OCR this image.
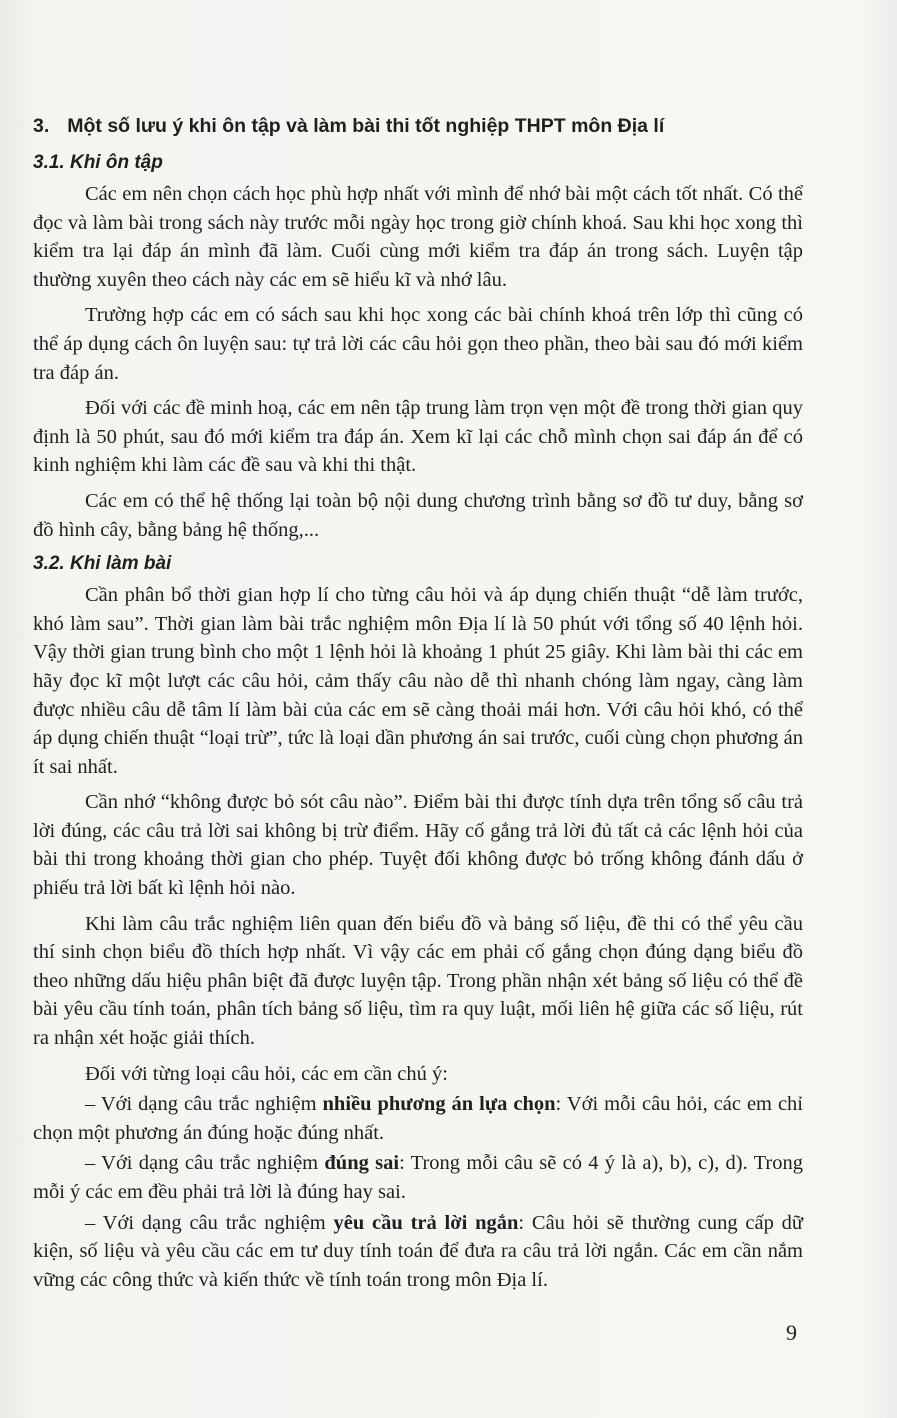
3. Một số lưu ý khi ôn tập và làm bài thi tốt nghiệp THPT môn Địa lí
3.1. Khi ôn tập

Các em nên chọn cách học phù hợp nhất với mình để nhớ bài một cách tốt nhất. Có thể đọc và làm bài trong sách này trước mỗi ngày học trong giờ chính khoá. Sau khi học xong thì kiểm tra lại đáp án mình đã làm. Cuối cùng mới kiểm tra đáp án trong sách. Luyện tập thường xuyên theo cách này các em sẽ hiểu kĩ và nhớ lâu.

Trường hợp các em có sách sau khi học xong các bài chính khoá trên lớp thì cũng có thể áp dụng cách ôn luyện sau: tự trả lời các câu hỏi gọn theo phần, theo bài sau đó mới kiểm tra đáp án.

Đối với các đề minh hoạ, các em nên tập trung làm trọn vẹn một đề trong thời gian quy định là 50 phút, sau đó mới kiểm tra đáp án. Xem kĩ lại các chỗ mình chọn sai đáp án để có kinh nghiệm khi làm các đề sau và khi thi thật.

Các em có thể hệ thống lại toàn bộ nội dung chương trình bằng sơ đồ tư duy, bằng sơ đồ hình cây, bằng bảng hệ thống,...

3.2. Khi làm bài

Cần phân bổ thời gian hợp lí cho từng câu hỏi và áp dụng chiến thuật “dễ làm trước, khó làm sau”. Thời gian làm bài trắc nghiệm môn Địa lí là 50 phút với tổng số 40 lệnh hỏi. Vậy thời gian trung bình cho một 1 lệnh hỏi là khoảng 1 phút 25 giây. Khi làm bài thi các em hãy đọc kĩ một lượt các câu hỏi, cảm thấy câu nào dễ thì nhanh chóng làm ngay, càng làm được nhiều câu dễ tâm lí làm bài của các em sẽ càng thoải mái hơn. Với câu hỏi khó, có thể áp dụng chiến thuật “loại trừ”, tức là loại dần phương án sai trước, cuối cùng chọn phương án ít sai nhất.

Cần nhớ “không được bỏ sót câu nào”. Điểm bài thi được tính dựa trên tổng số câu trả lời đúng, các câu trả lời sai không bị trừ điểm. Hãy cố gắng trả lời đủ tất cả các lệnh hỏi của bài thi trong khoảng thời gian cho phép. Tuyệt đối không được bỏ trống không đánh dấu ở phiếu trả lời bất kì lệnh hỏi nào.

Khi làm câu trắc nghiệm liên quan đến biểu đồ và bảng số liệu, đề thi có thể yêu cầu thí sinh chọn biểu đồ thích hợp nhất. Vì vậy các em phải cố gắng chọn đúng dạng biểu đồ theo những dấu hiệu phân biệt đã được luyện tập. Trong phần nhận xét bảng số liệu có thể đề bài yêu cầu tính toán, phân tích bảng số liệu, tìm ra quy luật, mối liên hệ giữa các số liệu, rút ra nhận xét hoặc giải thích.

Đối với từng loại câu hỏi, các em cần chú ý:

– Với dạng câu trắc nghiệm nhiều phương án lựa chọn: Với mỗi câu hỏi, các em chỉ chọn một phương án đúng hoặc đúng nhất.

– Với dạng câu trắc nghiệm đúng sai: Trong mỗi câu sẽ có 4 ý là a), b), c), d). Trong mỗi ý các em đều phải trả lời là đúng hay sai.

– Với dạng câu trắc nghiệm yêu cầu trả lời ngắn: Câu hỏi sẽ thường cung cấp dữ kiện, số liệu và yêu cầu các em tư duy tính toán để đưa ra câu trả lời ngắn. Các em cần nắm vững các công thức và kiến thức về tính toán trong môn Địa lí.

9
